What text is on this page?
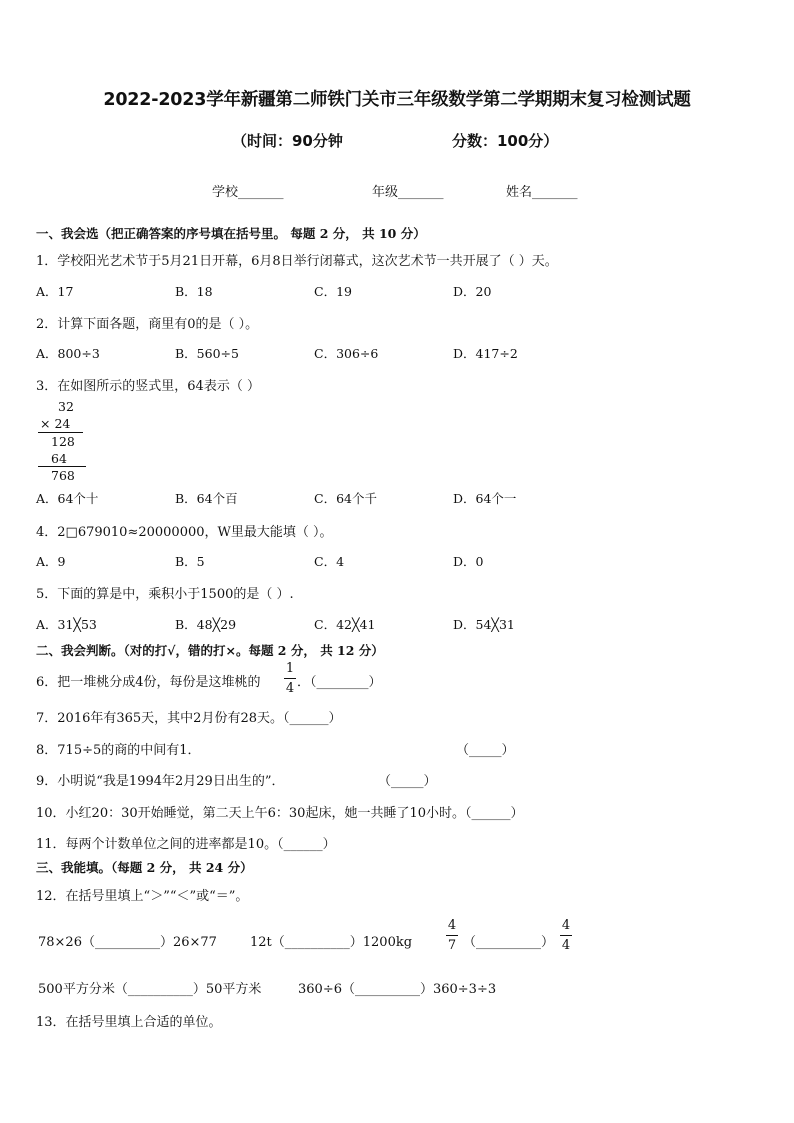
2022-2023学年新疆第二师铁门关市三年级数学第二学期期末复习检测试题
（时间：90分钟	分数：100分）
学校_______	年级_______	姓名_______
一、我会选（把正确答案的序号填在括号里。 每题 2 分， 共 10 分）
1．学校阳光艺术节于5月21日开幕，6月8日举行闭幕式，这次艺术节一共开展了（ ）天。
A．17	B．18	C．19	D．20
2．计算下面各题，商里有0的是（ ）。
A．800÷3	B．560÷5	C．306÷6	D．417÷2
3．在如图所示的竖式里，64表示（ ）
32
× 24
128
64
768
A．64个十	B．64个百	C．64个千	D．64个一
4．2□679010≈20000000，W里最大能填（ ）。
A．9	B．5	C．4	D．0
5．下面的算是中，乘积小于1500的是（ ）.
A．31╳53	B．48╳29	C．42╳41	D．54╳31
二、我会判断。（对的打√，错的打×。每题 2 分， 共 12 分）
6．把一堆桃分成4份，每份是这堆桃的
1
4 ．（________）
7．2016年有365天，其中2月份有28天。（______）
8．715÷5的商的中间有1．	（_____）
9．小明说“我是1994年2月29日出生的”．	（_____）
10．小红20：30开始睡觉，第二天上午6：30起床，她一共睡了10小时。（______）
11．每两个计数单位之间的进率都是10。（______）
三、我能填。（每题 2 分， 共 24 分）
12．在括号里填上“＞”“＜”或“＝”。
78×26（__________）26×77	12t（__________）1200kg
4
7 （__________）
4
4
500平方分米（__________）50平方米	360÷6（__________）360÷3÷3
13．在括号里填上合适的单位。
